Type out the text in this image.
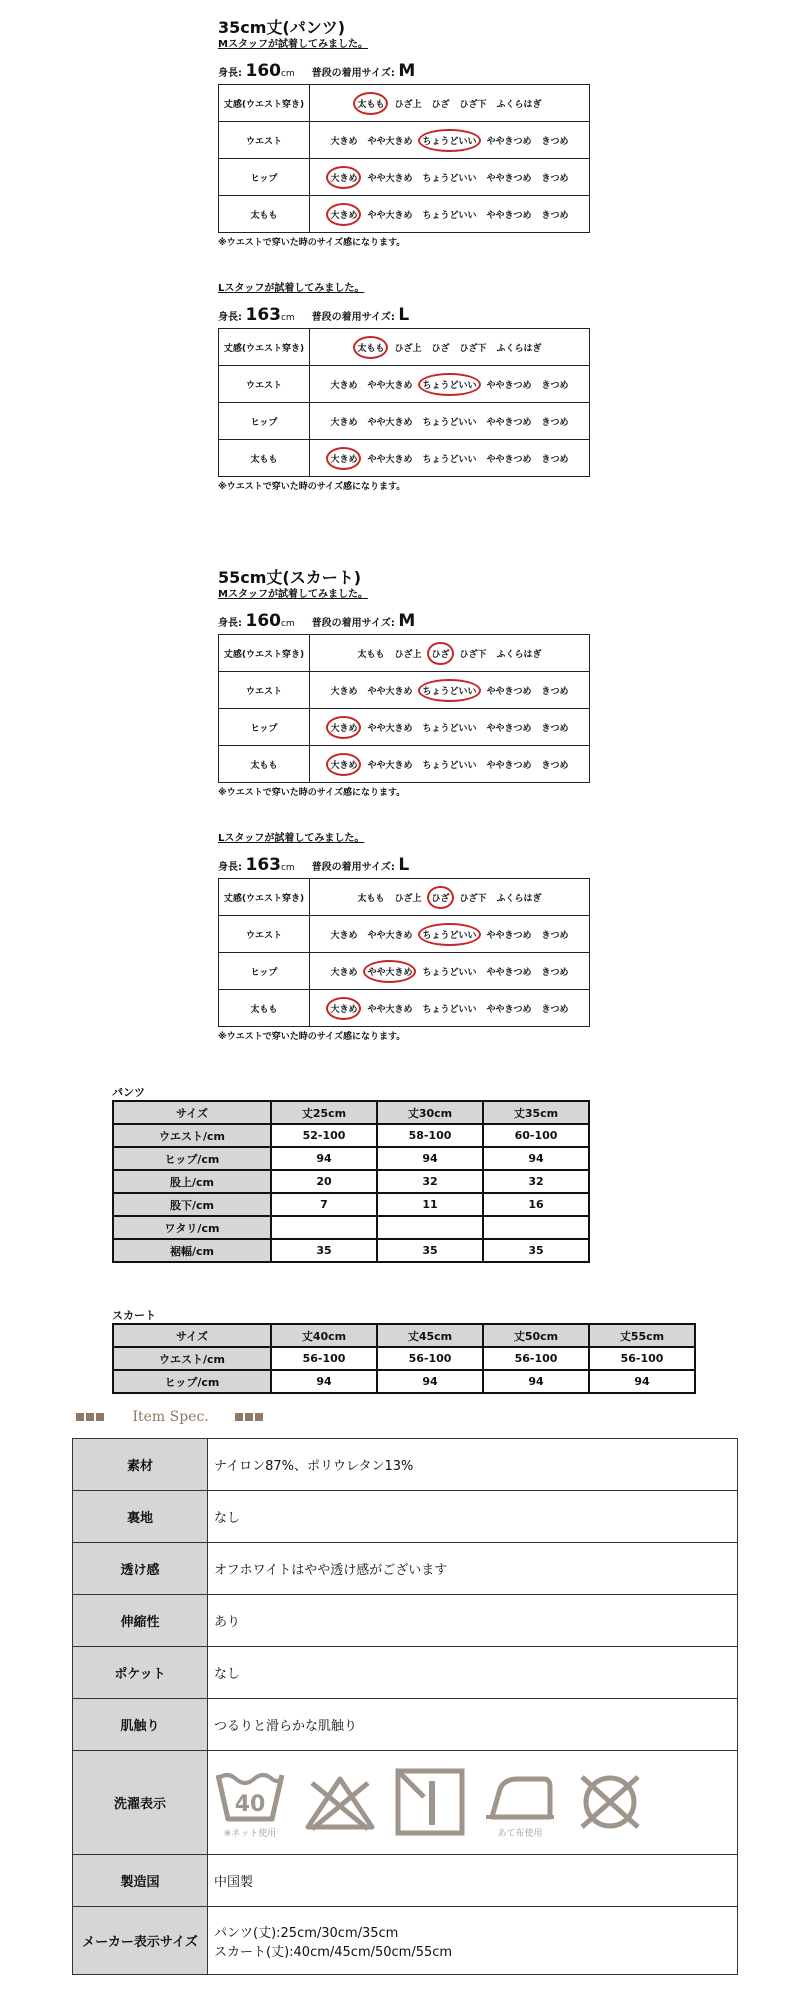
35cm丈(パンツ)
Mスタッフが試着してみました。
身長: 160cm 普段の着用サイズ: M
丈感(ウエスト穿き)	太もも ひざ上 ひざ ひざ下 ふくらはぎ
ウエスト	大きめ やや大きめ ちょうどいい ややきつめ きつめ
ヒップ	大きめ やや大きめ ちょうどいい ややきつめ きつめ
太もも	大きめ やや大きめ ちょうどいい ややきつめ きつめ
※ウエストで穿いた時のサイズ感になります。
Lスタッフが試着してみました。
身長: 163cm 普段の着用サイズ: L
丈感(ウエスト穿き)	太もも ひざ上 ひざ ひざ下 ふくらはぎ
ウエスト	大きめ やや大きめ ちょうどいい ややきつめ きつめ
ヒップ	大きめ やや大きめ ちょうどいい ややきつめ きつめ
太もも	大きめ やや大きめ ちょうどいい ややきつめ きつめ
※ウエストで穿いた時のサイズ感になります。
55cm丈(スカート)
Mスタッフが試着してみました。
身長: 160cm 普段の着用サイズ: M
丈感(ウエスト穿き)	太もも ひざ上 ひざ ひざ下 ふくらはぎ
ウエスト	大きめ やや大きめ ちょうどいい ややきつめ きつめ
ヒップ	大きめ やや大きめ ちょうどいい ややきつめ きつめ
太もも	大きめ やや大きめ ちょうどいい ややきつめ きつめ
※ウエストで穿いた時のサイズ感になります。
Lスタッフが試着してみました。
身長: 163cm 普段の着用サイズ: L
丈感(ウエスト穿き)	太もも ひざ上 ひざ ひざ下 ふくらはぎ
ウエスト	大きめ やや大きめ ちょうどいい ややきつめ きつめ
ヒップ	大きめ やや大きめ ちょうどいい ややきつめ きつめ
太もも	大きめ やや大きめ ちょうどいい ややきつめ きつめ
※ウエストで穿いた時のサイズ感になります。
パンツ
サイズ	丈25cm	丈30cm	丈35cm
ウエスト/cm	52-100	58-100	60-100
ヒップ/cm	94	94	94
股上/cm	20	32	32
股下/cm	7	11	16
ワタリ/cm			
裾幅/cm	35	35	35
スカート
サイズ	丈40cm	丈45cm	丈50cm	丈55cm
ウエスト/cm	56-100	56-100	56-100	56-100
ヒップ/cm	94	94	94	94
Item Spec.
素材	ナイロン87%、ポリウレタン13%
裏地	なし
透け感	オフホワイトはやや透け感がございます
伸縮性	あり
ポケット	なし
肌触り	つるりと滑らかな肌触り
洗濯表示	40
※ネット使用 あて布使用

製造国	中国製
メーカー表示サイズ	パンツ(丈):25cm/30cm/35cm
スカート(丈):40cm/45cm/50cm/55cm
